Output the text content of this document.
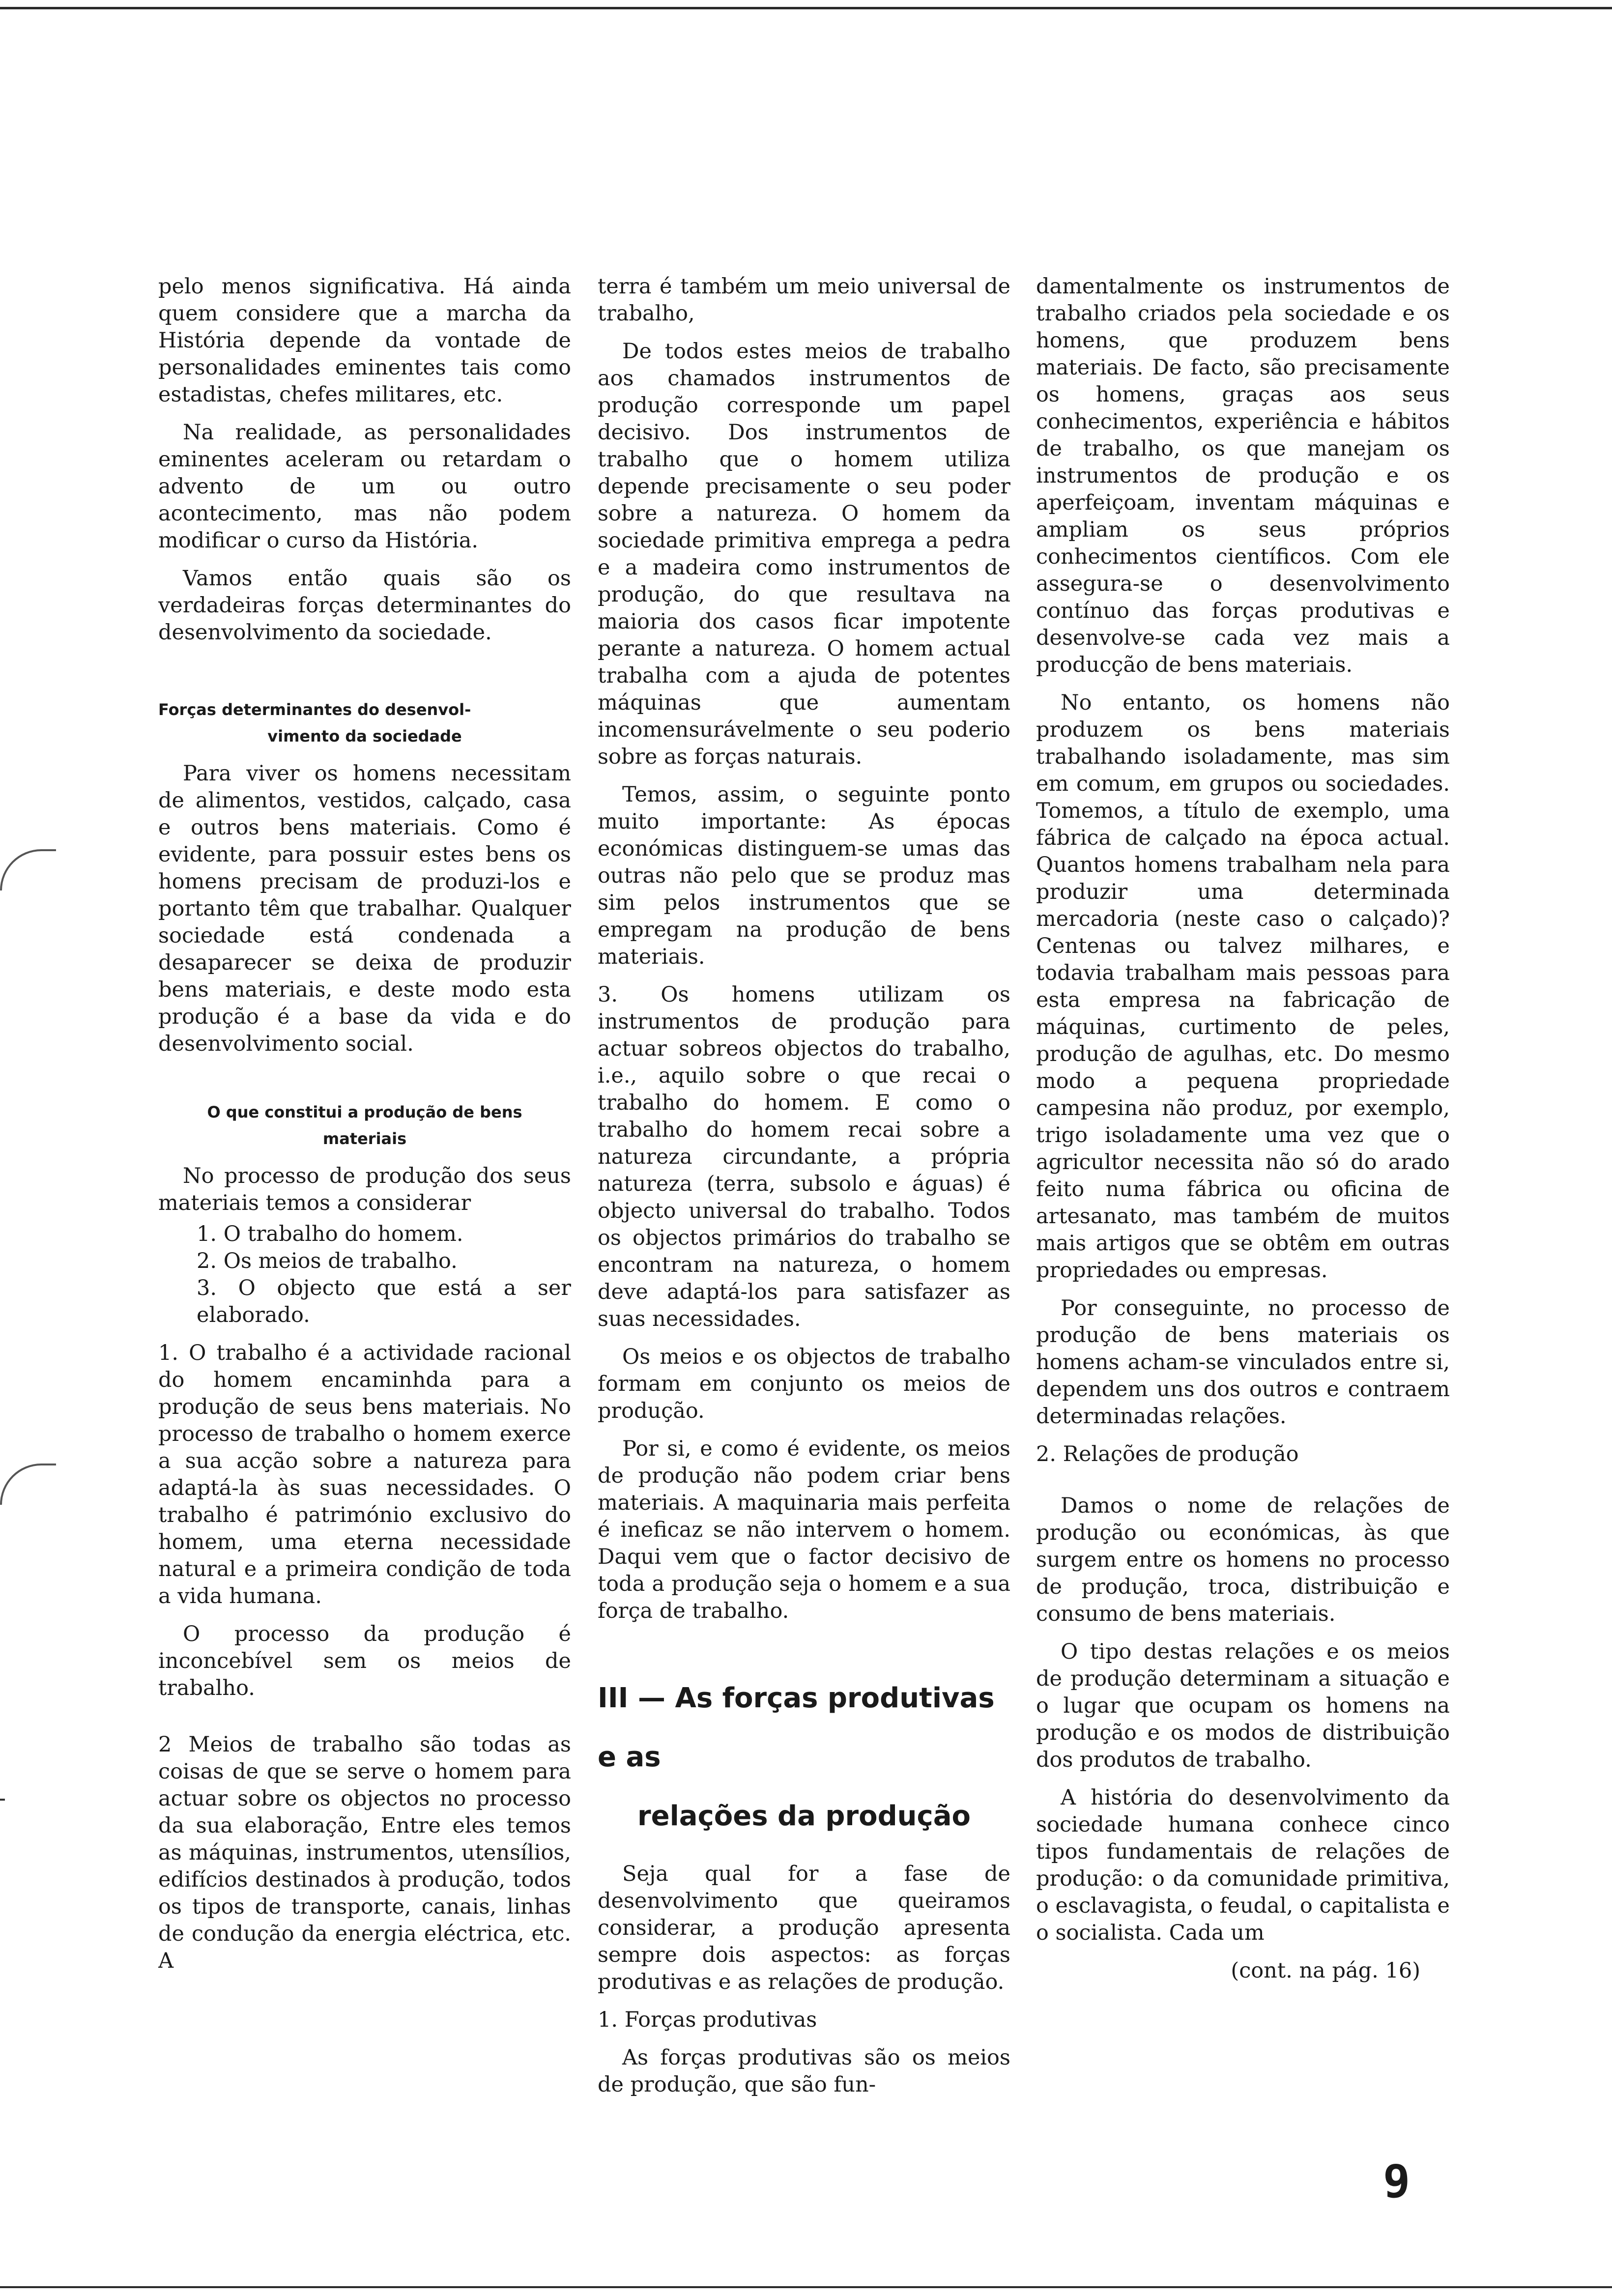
pelo menos significativa. Há ainda quem considere que a marcha da História depende da vontade de personalidades eminentes tais como estadistas, chefes militares, etc.

Na realidade, as personalidades eminentes aceleram ou retardam o advento de um ou outro acontecimento, mas não podem modificar o curso da História.

Vamos então quais são os verdadeiras forças determinantes do desenvolvimento da sociedade.

Forças determinantes do desenvol-
vimento da sociedade

Para viver os homens necessitam de alimentos, vestidos, calçado, casa e outros bens materiais. Como é evidente, para possuir estes bens os homens precisam de produzi-los e portanto têm que trabalhar. Qualquer sociedade está condenada a desaparecer se deixa de produzir bens materiais, e deste modo esta produção é a base da vida e do desenvolvimento social.

O que constitui a produção de bens
materiais

No processo de produção dos seus materiais temos a considerar

1. O trabalho do homem.
2. Os meios de trabalho.
3. O objecto que está a ser elaborado.

1. O trabalho é a actividade racional do homem encaminhda para a produção de seus bens materiais. No processo de trabalho o homem exerce a sua acção sobre a natureza para adaptá-la às suas necessidades. O trabalho é património exclusivo do homem, uma eterna necessidade natural e a primeira condição de toda a vida humana.

O processo da produção é inconcebível sem os meios de trabalho.

2 Meios de trabalho são todas as coisas de que se serve o homem para actuar sobre os objectos no processo da sua elaboração, Entre eles temos as máquinas, instrumentos, utensílios, edifícios destinados à produção, todos os tipos de transporte, canais, linhas de condução da energia eléctrica, etc. A

terra é também um meio universal de trabalho,

De todos estes meios de trabalho aos chamados instrumentos de produção corresponde um papel decisivo. Dos instrumentos de trabalho que o homem utiliza depende precisamente o seu poder sobre a natureza. O homem da sociedade primitiva emprega a pedra e a madeira como instrumentos de produção, do que resultava na maioria dos casos ficar impotente perante a natureza. O homem actual trabalha com a ajuda de potentes máquinas que aumentam incomensurávelmente o seu poderio sobre as forças naturais.

Temos, assim, o seguinte ponto muito importante: As épocas económicas distinguem-se umas das outras não pelo que se produz mas sim pelos instrumentos que se empregam na produção de bens materiais.

3. Os homens utilizam os instrumentos de produção para actuar sobreos objectos do trabalho, i.e., aquilo sobre o que recai o trabalho do homem. E como o trabalho do homem recai sobre a natureza circundante, a própria natureza (terra, subsolo e águas) é objecto universal do trabalho. Todos os objectos primários do trabalho se encontram na natureza, o homem deve adaptá-los para satisfazer as suas necessidades.

Os meios e os objectos de trabalho formam em conjunto os meios de produção.

Por si, e como é evidente, os meios de produção não podem criar bens materiais. A maquinaria mais perfeita é ineficaz se não intervem o homem. Daqui vem que o factor decisivo de toda a produção seja o homem e a sua força de trabalho.

III — As forças produtivas e as
relações da produção

Seja qual for a fase de desenvolvimento que queiramos considerar, a produção apresenta sempre dois aspectos: as forças produtivas e as relações de produção.

1. Forças produtivas

As forças produtivas são os meios de produção, que são fun-

damentalmente os instrumentos de trabalho criados pela sociedade e os homens, que produzem bens materiais. De facto, são precisamente os homens, graças aos seus conhecimentos, experiência e hábitos de trabalho, os que manejam os instrumentos de produção e os aperfeiçoam, inventam máquinas e ampliam os seus próprios conhecimentos científicos. Com ele assegura-se o desenvolvimento contínuo das forças produtivas e desenvolve-se cada vez mais a producção de bens materiais.

No entanto, os homens não produzem os bens materiais trabalhando isoladamente, mas sim em comum, em grupos ou sociedades. Tomemos, a título de exemplo, uma fábrica de calçado na época actual. Quantos homens trabalham nela para produzir uma determinada mercadoria (neste caso o calçado)? Centenas ou talvez milhares, e todavia trabalham mais pessoas para esta empresa na fabricação de máquinas, curtimento de peles, produção de agulhas, etc. Do mesmo modo a pequena propriedade campesina não produz, por exemplo, trigo isoladamente uma vez que o agricultor necessita não só do arado feito numa fábrica ou oficina de artesanato, mas também de muitos mais artigos que se obtêm em outras propriedades ou empresas.

Por conseguinte, no processo de produção de bens materiais os homens acham-se vinculados entre si, dependem uns dos outros e contraem determinadas relações.

2. Relações de produção

Damos o nome de relações de produção ou económicas, às que surgem entre os homens no processo de produção, troca, distribuição e consumo de bens materiais.

O tipo destas relações e os meios de produção determinam a situação e o lugar que ocupam os homens na produção e os modos de distribuição dos produtos de trabalho.

A história do desenvolvimento da sociedade humana conhece cinco tipos fundamentais de relações de produção: o da comunidade primitiva, o esclavagista, o feudal, o capitalista e o socialista. Cada um

(cont. na pág. 16)
9
